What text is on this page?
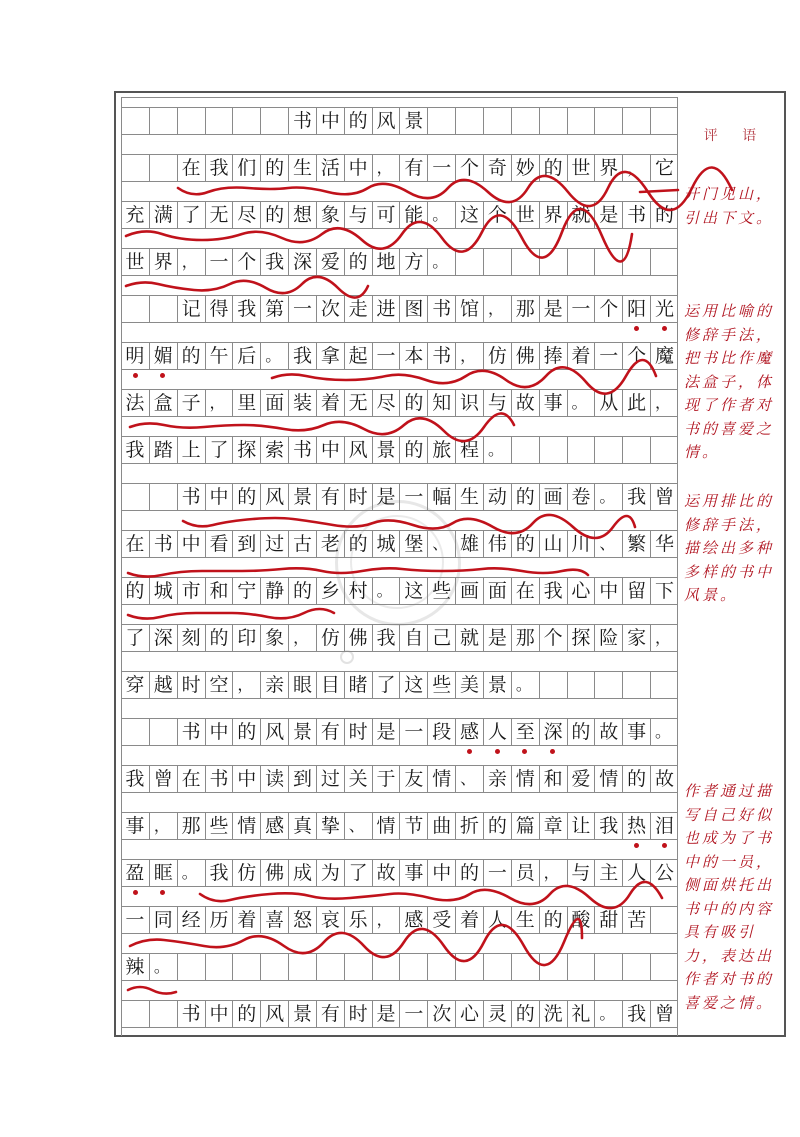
书 中 的 风 景
在 我 们 的 生 活 中 ， 有 一 个 奇 妙 的 世 界 ， 它
充 满 了 无 尽 的 想 象 与 可 能 。 这 个 世 界 就 是 书 的
世 界 ， 一 个 我 深 爱 的 地 方 。
记 得 我 第 一 次 走 进 图 书 馆 ， 那 是 一 个 阳 光
明 媚 的 午 后 。 我 拿 起 一 本 书 ， 仿 佛 捧 着 一 个 魔
法 盒 子 ， 里 面 装 着 无 尽 的 知 识 与 故 事 。 从 此 ，
我 踏 上 了 探 索 书 中 风 景 的 旅 程 。
书 中 的 风 景 有 时 是 一 幅 生 动 的 画 卷 。 我 曾
在 书 中 看 到 过 古 老 的 城 堡 、 雄 伟 的 山 川 、 繁 华
的 城 市 和 宁 静 的 乡 村 。 这 些 画 面 在 我 心 中 留 下
了 深 刻 的 印 象 ， 仿 佛 我 自 己 就 是 那 个 探 险 家 ，
穿 越 时 空 ， 亲 眼 目 睹 了 这 些 美 景 。
书 中 的 风 景 有 时 是 一 段 感 人 至 深 的 故 事 。
我 曾 在 书 中 读 到 过 关 于 友 情 、 亲 情 和 爱 情 的 故
事 ， 那 些 情 感 真 挚 、 情 节 曲 折 的 篇 章 让 我 热 泪
盈 眶 。 我 仿 佛 成 为 了 故 事 中 的 一 员 ， 与 主 人 公
一 同 经 历 着 喜 怒 哀 乐 ， 感 受 着 人 生 的 酸 甜 苦
辣 。
书 中 的 风 景 有 时 是 一 次 心 灵 的 洗 礼 。 我 曾
评 语
开门见山，引出下文。
运用比喻的修辞手法，把书比作魔法盒子，体现了作者对书的喜爱之情。
运用排比的修辞手法，描绘出多种多样的书中风景。
作者通过描写自己好似也成为了书中的一员，侧面烘托出书中的内容具有吸引力，表达出作者对书的喜爱之情。
